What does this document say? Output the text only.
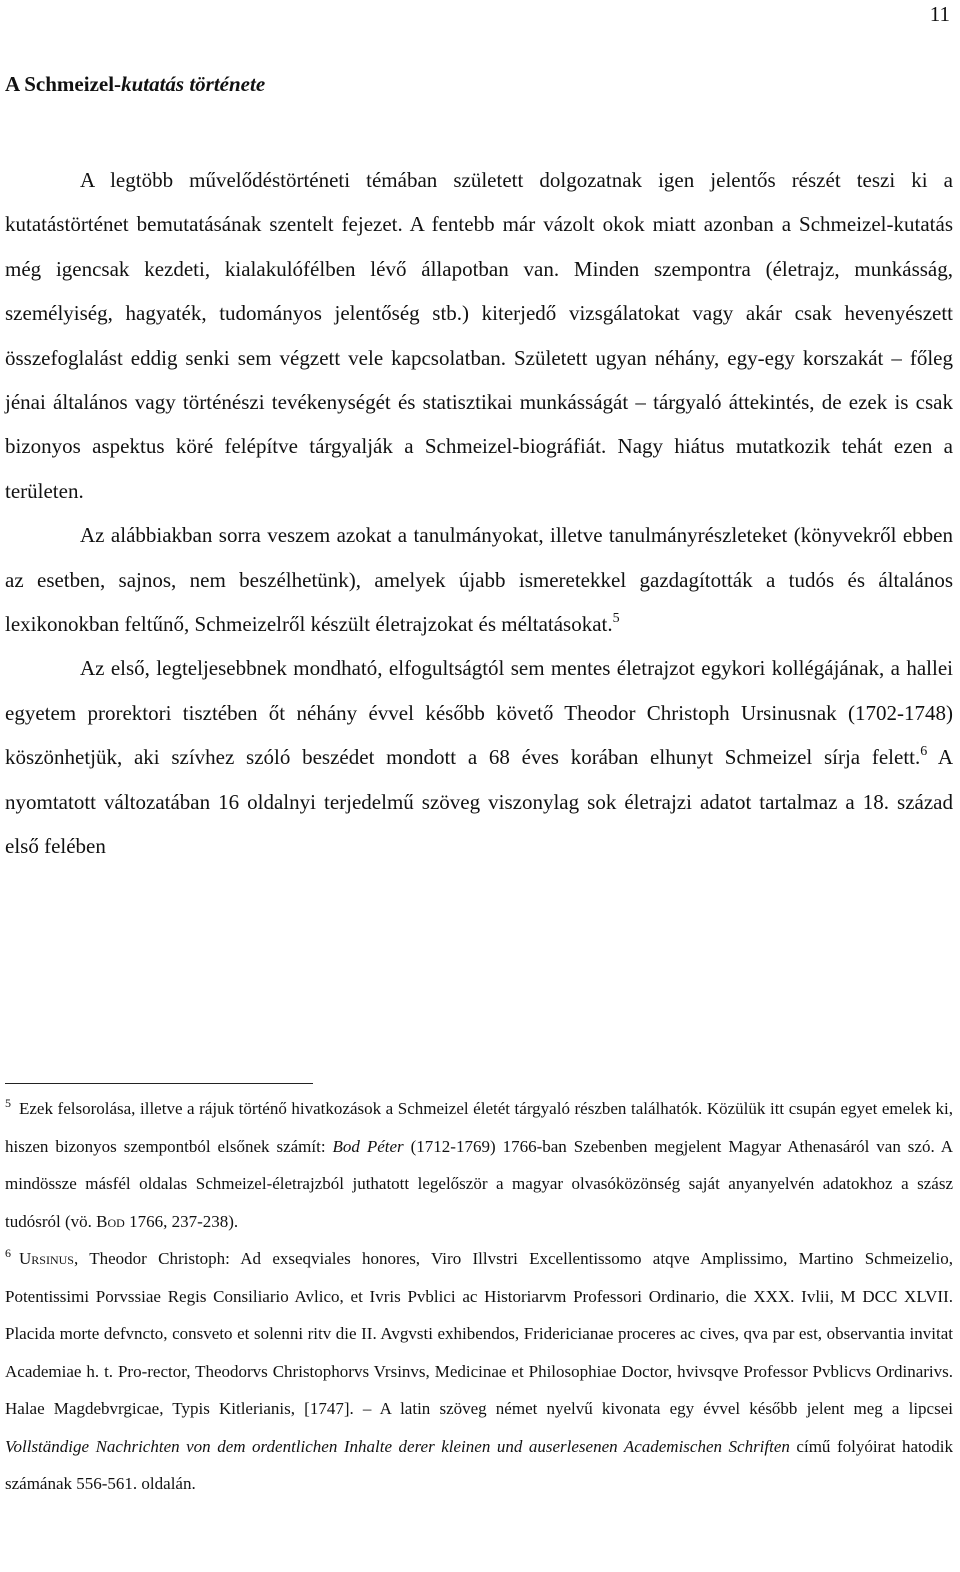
11
A Schmeizel-kutatás története

A legtöbb művelődéstörténeti témában született dolgozatnak igen jelentős részét teszi ki a kutatástörténet bemutatásának szentelt fejezet. A fentebb már vázolt okok miatt azonban a Schmeizel-kutatás még igencsak kezdeti, kialakulófélben lévő állapotban van. Minden szempontra (életrajz, munkásság, személyiség, hagyaték, tudományos jelentőség stb.) kiterjedő vizsgálatokat vagy akár csak hevenyészett összefoglalást eddig senki sem végzett vele kapcsolatban. Született ugyan néhány, egy-egy korszakát – főleg jénai általános vagy történészi tevékenységét és statisztikai munkásságát – tárgyaló áttekintés, de ezek is csak bizonyos aspektus köré felépítve tárgyalják a Schmeizel-biográfiát. Nagy hiátus mutatkozik tehát ezen a területen.

Az alábbiakban sorra veszem azokat a tanulmányokat, illetve tanulmányrészleteket (könyvekről ebben az esetben, sajnos, nem beszélhetünk), amelyek újabb ismeretekkel gazdagították a tudós és általános lexikonokban feltűnő, Schmeizelről készült életrajzokat és méltatásokat.$^5$

Az első, legteljesebbnek mondható, elfogultságtól sem mentes életrajzot egykori kollégájának, a hallei egyetem prorektori tisztében őt néhány évvel később követő Theodor Christoph Ursinusnak (1702-1748) köszönhetjük, aki szívhez szóló beszédet mondott a 68 éves korában elhunyt Schmeizel sírja felett.$^6$ A nyomtatott változatában 16 oldalnyi terjedelmű szöveg viszonylag sok életrajzi adatot tartalmaz a 18. század első felében

$^5$ Ezek felsorolása, illetve a rájuk történő hivatkozások a Schmeizel életét tárgyaló részben találhatók. Közülük itt csupán egyet emelek ki, hiszen bizonyos szempontból elsőnek számít: Bod Péter (1712-1769) 1766-ban Szebenben megjelent Magyar Athenasáról van szó. A mindössze másfél oldalas Schmeizel-életrajzból juthatott legelőször a magyar olvasóközönség saját anyanyelvén adatokhoz a szász tudósról (vö. Bod 1766, 237-238).

$^6$ Ursinus, Theodor Christoph: Ad exseqviales honores, Viro Illvstri Excellentissomo atqve Amplissimo, Martino Schmeizelio, Potentissimi Porvssiae Regis Consiliario Avlico, et Ivris Pvblici ac Historiarvm Professori Ordinario, die XXX. Ivlii, M DCC XLVII. Placida morte defvncto, consveto et solenni ritv die II. Avgvsti exhibendos, Fridericianae proceres ac cives, qva par est, observantia invitat Academiae h. t. Pro-rector, Theodorvs Christophorvs Vrsinvs, Medicinae et Philosophiae Doctor, hvivsqve Professor Pvblicvs Ordinarivs. Halae Magdebvrgicae, Typis Kitlerianis, [1747]. – A latin szöveg német nyelvű kivonata egy évvel később jelent meg a lipcsei Vollständige Nachrichten von dem ordentlichen Inhalte derer kleinen und auserlesenen Academischen Schriften című folyóirat hatodik számának 556-561. oldalán.
